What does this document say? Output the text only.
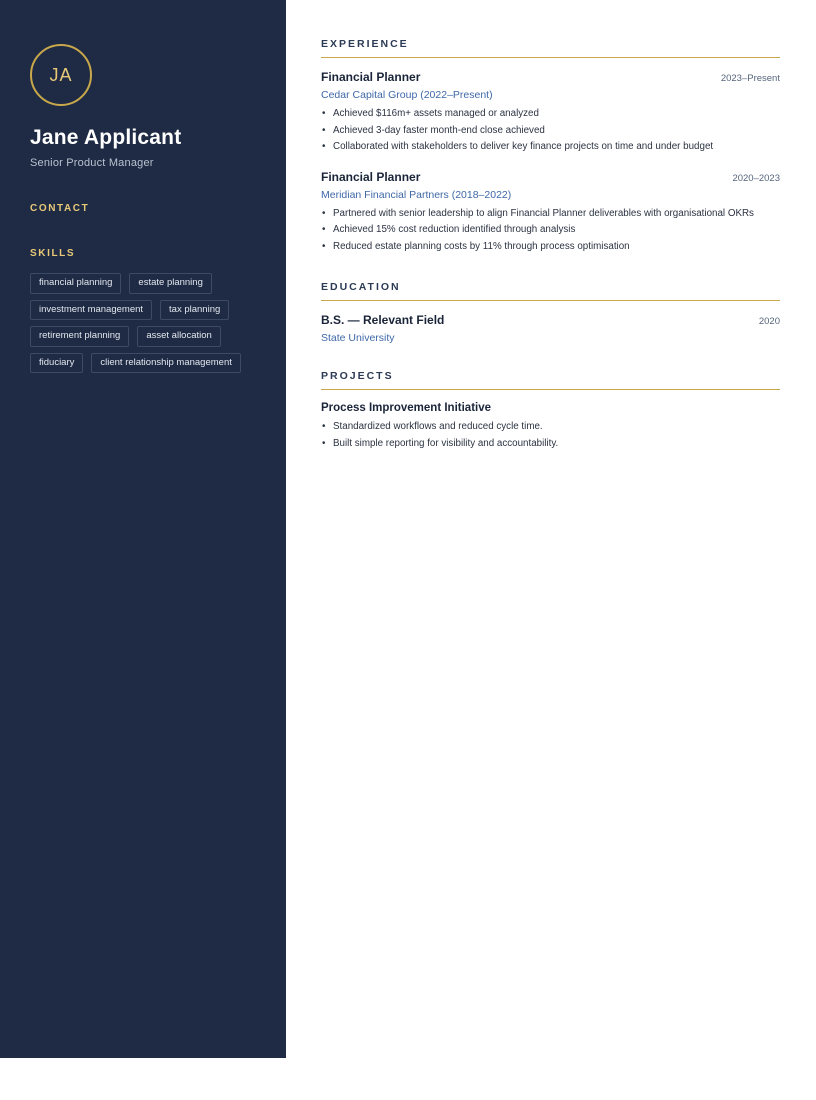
JA
Jane Applicant
Senior Product Manager
CONTACT
SKILLS
financial planning	estate planning
investment management	tax planning
retirement planning	asset allocation
fiduciary	client relationship management
EXPERIENCE
Financial Planner	2023–Present
Cedar Capital Group (2022–Present)
• Achieved $116m+ assets managed or analyzed
• Achieved 3-day faster month-end close achieved
• Collaborated with stakeholders to deliver key finance projects on time and under budget
Financial Planner	2020–2023
Meridian Financial Partners (2018–2022)
• Partnered with senior leadership to align Financial Planner deliverables with organisational OKRs
• Achieved 15% cost reduction identified through analysis
• Reduced estate planning costs by 11% through process optimisation
EDUCATION
B.S. — Relevant Field	2020
State University
PROJECTS
Process Improvement Initiative
• Standardized workflows and reduced cycle time.
• Built simple reporting for visibility and accountability.
